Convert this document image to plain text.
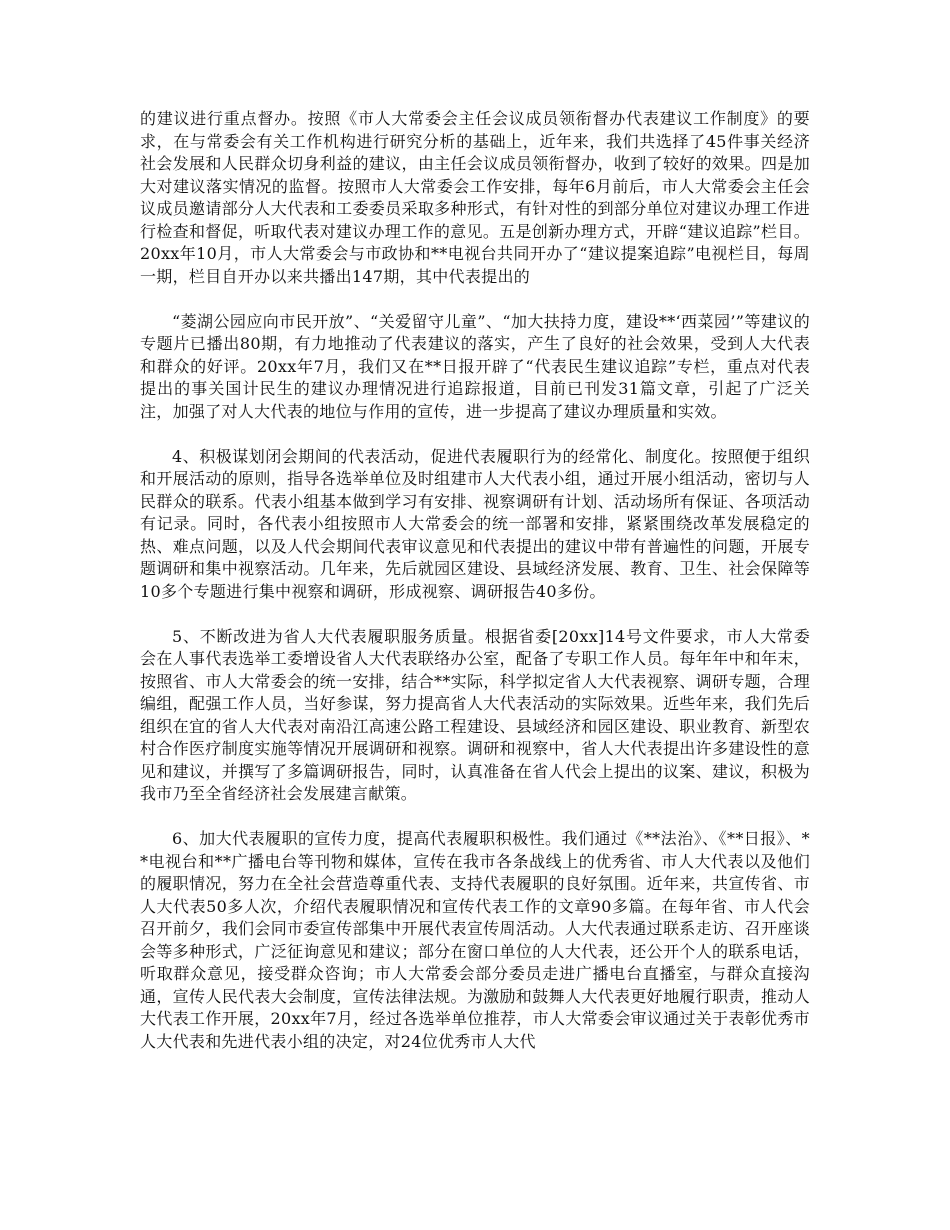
的建议进行重点督办。按照《市人大常委会主任会议成员领衔督办代表建议工作制度》的要求，在与常委会有关工作机构进行研究分析的基础上，近年来，我们共选择了45件事关经济社会发展和人民群众切身利益的建议，由主任会议成员领衔督办，收到了较好的效果。四是加大对建议落实情况的监督。按照市人大常委会工作安排，每年6月前后，市人大常委会主任会议成员邀请部分人大代表和工委委员采取多种形式，有针对性的到部分单位对建议办理工作进行检查和督促，听取代表对建议办理工作的意见。五是创新办理方式，开辟“建议追踪”栏目。20xx年10月，市人大常委会与市政协和**电视台共同开办了“建议提案追踪”电视栏目，每周一期，栏目自开办以来共播出147期，其中代表提出的

“菱湖公园应向市民开放”、“关爱留守儿童”、“加大扶持力度，建设**‘西菜园’”等建议的专题片已播出80期，有力地推动了代表建议的落实，产生了良好的社会效果，受到人大代表和群众的好评。20xx年7月，我们又在**日报开辟了“代表民生建议追踪”专栏，重点对代表提出的事关国计民生的建议办理情况进行追踪报道，目前已刊发31篇文章，引起了广泛关注，加强了对人大代表的地位与作用的宣传，进一步提高了建议办理质量和实效。

4、积极谋划闭会期间的代表活动，促进代表履职行为的经常化、制度化。按照便于组织和开展活动的原则，指导各选举单位及时组建市人大代表小组，通过开展小组活动，密切与人民群众的联系。代表小组基本做到学习有安排、视察调研有计划、活动场所有保证、各项活动有记录。同时，各代表小组按照市人大常委会的统一部署和安排，紧紧围绕改革发展稳定的热、难点问题，以及人代会期间代表审议意见和代表提出的建议中带有普遍性的问题，开展专题调研和集中视察活动。几年来，先后就园区建设、县域经济发展、教育、卫生、社会保障等10多个专题进行集中视察和调研，形成视察、调研报告40多份。

5、不断改进为省人大代表履职服务质量。根据省委[20xx]14号文件要求，市人大常委会在人事代表选举工委增设省人大代表联络办公室，配备了专职工作人员。每年年中和年末，按照省、市人大常委会的统一安排，结合**实际，科学拟定省人大代表视察、调研专题，合理编组，配强工作人员，当好参谋，努力提高省人大代表活动的实际效果。近些年来，我们先后组织在宜的省人大代表对南沿江高速公路工程建设、县域经济和园区建设、职业教育、新型农村合作医疗制度实施等情况开展调研和视察。调研和视察中，省人大代表提出许多建设性的意见和建议，并撰写了多篇调研报告，同时，认真准备在省人代会上提出的议案、建议，积极为我市乃至全省经济社会发展建言献策。

6、加大代表履职的宣传力度，提高代表履职积极性。我们通过《**法治》、《**日报》、**电视台和**广播电台等刊物和媒体，宣传在我市各条战线上的优秀省、市人大代表以及他们的履职情况，努力在全社会营造尊重代表、支持代表履职的良好氛围。近年来，共宣传省、市人大代表50多人次，介绍代表履职情况和宣传代表工作的文章90多篇。在每年省、市人代会召开前夕，我们会同市委宣传部集中开展代表宣传周活动。人大代表通过联系走访、召开座谈会等多种形式，广泛征询意见和建议；部分在窗口单位的人大代表，还公开个人的联系电话，听取群众意见，接受群众咨询；市人大常委会部分委员走进广播电台直播室，与群众直接沟通，宣传人民代表大会制度，宣传法律法规。为激励和鼓舞人大代表更好地履行职责，推动人大代表工作开展，20xx年7月，经过各选举单位推荐，市人大常委会审议通过关于表彰优秀市人大代表和先进代表小组的决定，对24位优秀市人大代
